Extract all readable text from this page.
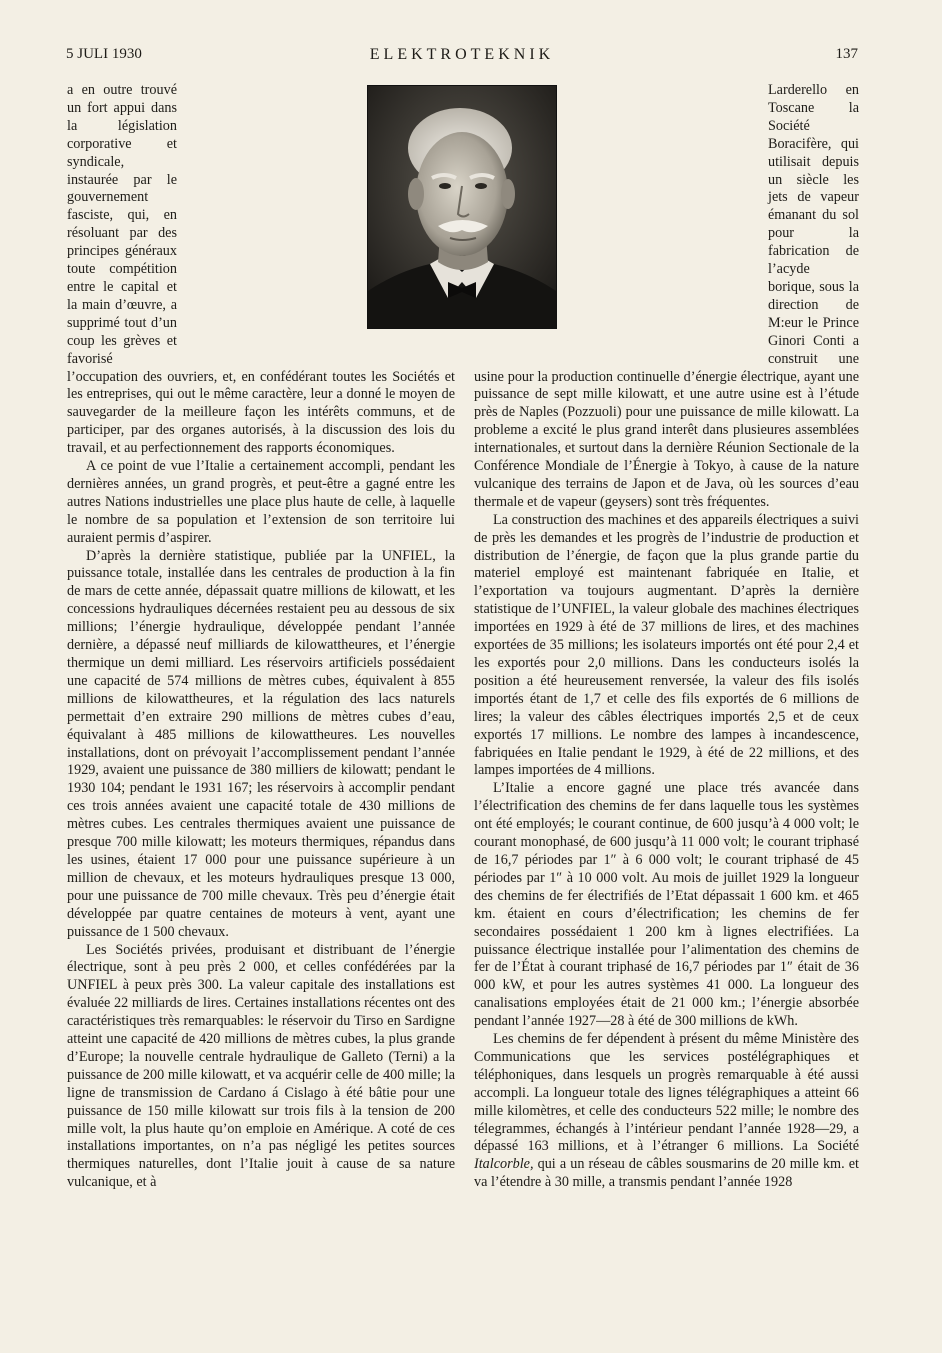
5 JULI 1930	ELEKTROTEKNIK	137

a en outre trouvé un fort appui dans la législation corporative et syndicale, instaurée par le gouvernement fasciste, qui, en résoluant par des principes généraux toute compétition entre le capital et la main d’œuvre, a supprimé tout d’un coup les grèves et favorisé l’occupation des ouvriers, et, en confédérant toutes les Sociétés et les entreprises, qui out le même caractère, leur a donné le moyen de sauvegarder de la meilleure façon les intérêts communs, et de participer, par des organes autorisés, à la discussion des lois du travail, et au perfectionnement des rapports économiques.

A ce point de vue l’Italie a certainement accompli, pendant les dernières années, un grand progrès, et peut-être a gagné entre les autres Nations industrielles une place plus haute de celle, à laquelle le nombre de sa population et l’extension de son territoire lui auraient permis d’aspirer.

D’après la dernière statistique, publiée par la UNFIEL, la puissance totale, installée dans les centrales de production à la fin de mars de cette année, dépassait quatre millions de kilowatt, et les concessions hydrauliques décernées restaient peu au dessous de six millions; l’énergie hydraulique, développée pendant l’année dernière, a dépassé neuf milliards de kilowattheures, et l’énergie thermique un demi milliard. Les réservoirs artificiels possédaient une capacité de 574 millions de mètres cubes, équivalent à 855 millions de kilowattheures, et la régulation des lacs naturels permettait d’en extraire 290 millions de mètres cubes d’eau, équivalant à 485 millions de kilowattheures. Les nouvelles installations, dont on prévoyait l’accomplissement pendant l’année 1929, avaient une puissance de 380 milliers de kilowatt; pendant le 1930 104; pendant le 1931 167; les réservoirs à accomplir pendant ces trois années avaient une capacité totale de 430 millions de mètres cubes. Les centrales thermiques avaient une puissance de presque 700 mille kilowatt; les moteurs thermiques, répandus dans les usines, étaient 17 000 pour une puissance supérieure à un million de chevaux, et les moteurs hydrauliques presque 13 000, pour une puissance de 700 mille chevaux. Très peu d’énergie était développée par quatre centaines de moteurs à vent, ayant une puissance de 1 500 chevaux.

Les Sociétés privées, produisant et distribuant de l’énergie électrique, sont à peu près 2 000, et celles confédérées par la UNFIEL à peux près 300. La valeur capitale des installations est évaluée 22 milliards de lires. Certaines installations récentes ont des caractéristiques très remarquables: le réservoir du Tirso en Sardigne atteint une capacité de 420 millions de mètres cubes, la plus grande d’Europe; la nouvelle centrale hydraulique de Galleto (Terni) a la puissance de 200 mille kilowatt, et va acquérir celle de 400 mille; la ligne de transmission de Cardano á Cislago à été bâtie pour une puissance de 150 mille kilowatt sur trois fils à la tension de 200 mille volt, la plus haute qu’on emploie en Amérique. A coté de ces installations importantes, on n’a pas négligé les petites sources thermiques naturelles, dont l’Italie jouit à cause de sa nature vulcanique, et à

Larderello en Toscane la Société Boracifère, qui utilisait depuis un siècle les jets de vapeur émanant du sol pour la fabrication de l’acyde borique, sous la direction de M:eur le Prince Ginori Conti a construit une usine pour la production continuelle d’énergie électrique, ayant une puissance de sept mille kilowatt, et une autre usine est à l’étude près de Naples (Pozzuoli) pour une puissance de mille kilowatt. La probleme a excité le plus grand interêt dans plusieures assemblées internationales, et surtout dans la dernière Réunion Sectionale de la Conférence Mondiale de l’Énergie à Tokyo, à cause de la nature vulcanique des terrains de Japon et de Java, où les sources d’eau thermale et de vapeur (geysers) sont très fréquentes.

La construction des machines et des appareils électriques a suivi de près les demandes et les progrès de l’industrie de production et distribution de l’énergie, de façon que la plus grande partie du materiel employé est maintenant fabriquée en Italie, et l’exportation va toujours augmentant. D’après la dernière statistique de l’UNFIEL, la valeur globale des machines électriques importées en 1929 à été de 37 millions de lires, et des machines exportées de 35 millions; les isolateurs importés ont été pour 2,4 et les exportés pour 2,0 millions. Dans les conducteurs isolés la position a été heureusement renversée, la valeur des fils isolés importés étant de 1,7 et celle des fils exportés de 6 millions de lires; la valeur des câbles électriques importés 2,5 et de ceux exportés 17 millions. Le nombre des lampes à incandescence, fabriquées en Italie pendant le 1929, à été de 22 millions, et des lampes importées de 4 millions.

L’Italie a encore gagné une place trés avancée dans l’électrification des chemins de fer dans laquelle tous les systèmes ont été employés; le courant continue, de 600 jusqu’à 4 000 volt; le courant monophasé, de 600 jusqu’à 11 000 volt; le courant triphasé de 16,7 périodes par 1″ à 6 000 volt; le courant triphasé de 45 périodes par 1″ à 10 000 volt. Au mois de juillet 1929 la longueur des chemins de fer électrifiés de l’Etat dépassait 1 600 km. et 465 km. étaient en cours d’électrification; les chemins de fer secondaires possédaient 1 200 km à lignes electrifiées. La puissance électrique installée pour l’alimentation des chemins de fer de l’État à courant triphasé de 16,7 périodes par 1″ était de 36 000 kW, et pour les autres systèmes 41 000. La longueur des canalisations employées était de 21 000 km.; l’énergie absorbée pendant l’année 1927—28 à été de 300 millions de kWh.

Les chemins de fer dépendent à présent du même Ministère des Communications que les services postélégraphiques et téléphoniques, dans lesquels un progrès remarquable à été aussi accompli. La longueur totale des lignes télégraphiques a atteint 66 mille kilomètres, et celle des conducteurs 522 mille; le nombre des télegrammes, échangés à l’intérieur pendant l’année 1928—29, a dépassé 163 millions, et à l’étranger 6 millions. La Société Italcorble, qui a un réseau de câbles sousmarins de 20 mille km. et va l’étendre à 30 mille, a transmis pendant l’année 1928
